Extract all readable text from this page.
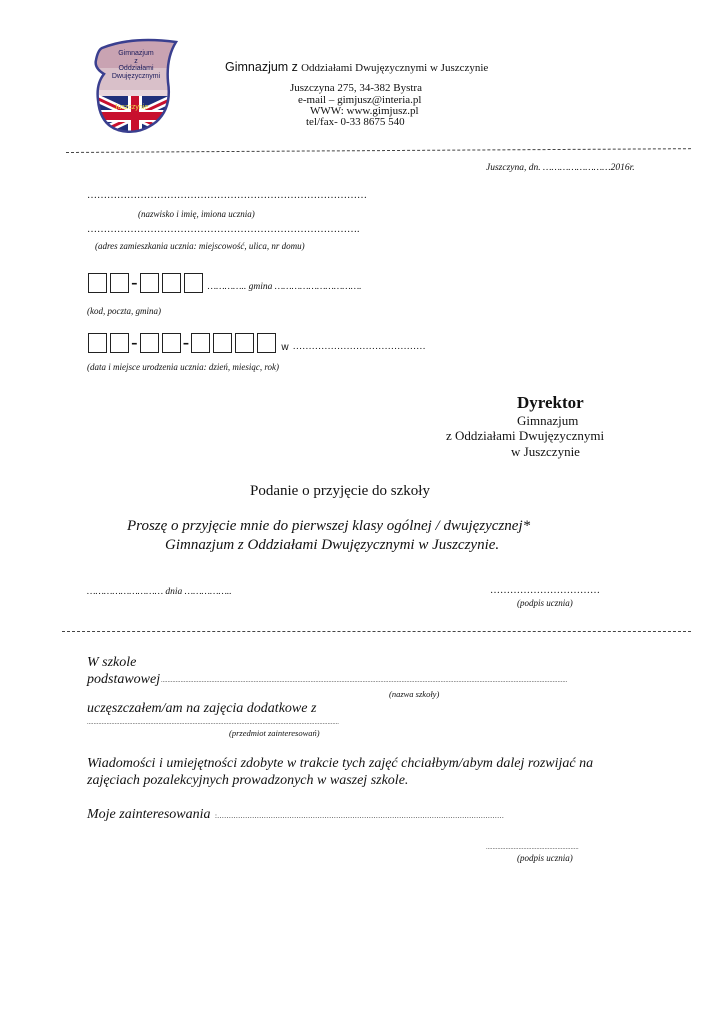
Gimnazjum
z
Oddziałami
Dwujęzycznymi
Juszczynie
Gimnazjum z Oddziałami Dwujęzycznymi w Juszczynie
Juszczyna 275, 34-382 Bystra
e-mail – gimjusz@interia.pl
WWW: www.gimjusz.pl
tel/fax- 0-33 8675 540
Juszczyna, dn. ……………………2016r.
…………………………………………………………………………
(nazwisko i imię, imiona ucznia)
……………………………………………………………………….
(adres zamieszkania ucznia: miejscowość, ulica, nr domu)
-	………….. gmina ………………………….
(kod, poczta, gmina)
- -	w ……………………………………
(data i miejsce urodzenia ucznia: dzień, miesiąc, rok)
Dyrektor
Gimnazjum
z Oddziałami Dwujęzycznymi
w Juszczynie
Podanie o przyjęcie do szkoły
Proszę o przyjęcie mnie do pierwszej klasy ogólnej / dwujęzycznej*
Gimnazjum z Oddziałami Dwujęzycznymi w Juszczynie.
……………………… dnia ……………..	……………………………
(podpis ucznia)
W szkole
podstawowej ..........................................................................................................................................................................................................................................................
(nazwa szkoły)
uczęszczałem/am na zajęcia dodatkowe z
...........................................................................................................................................................
(przedmiot zainteresowań)
Wiadomości i umiejętności zdobyte w trakcie tych zajęć chciałbym/abym dalej rozwijać na
zajęciach pozalekcyjnych prowadzonych w waszej szkole.
Moje zainteresowania :……………………………………………………………………………………………………………
.........................................................
(podpis ucznia)
